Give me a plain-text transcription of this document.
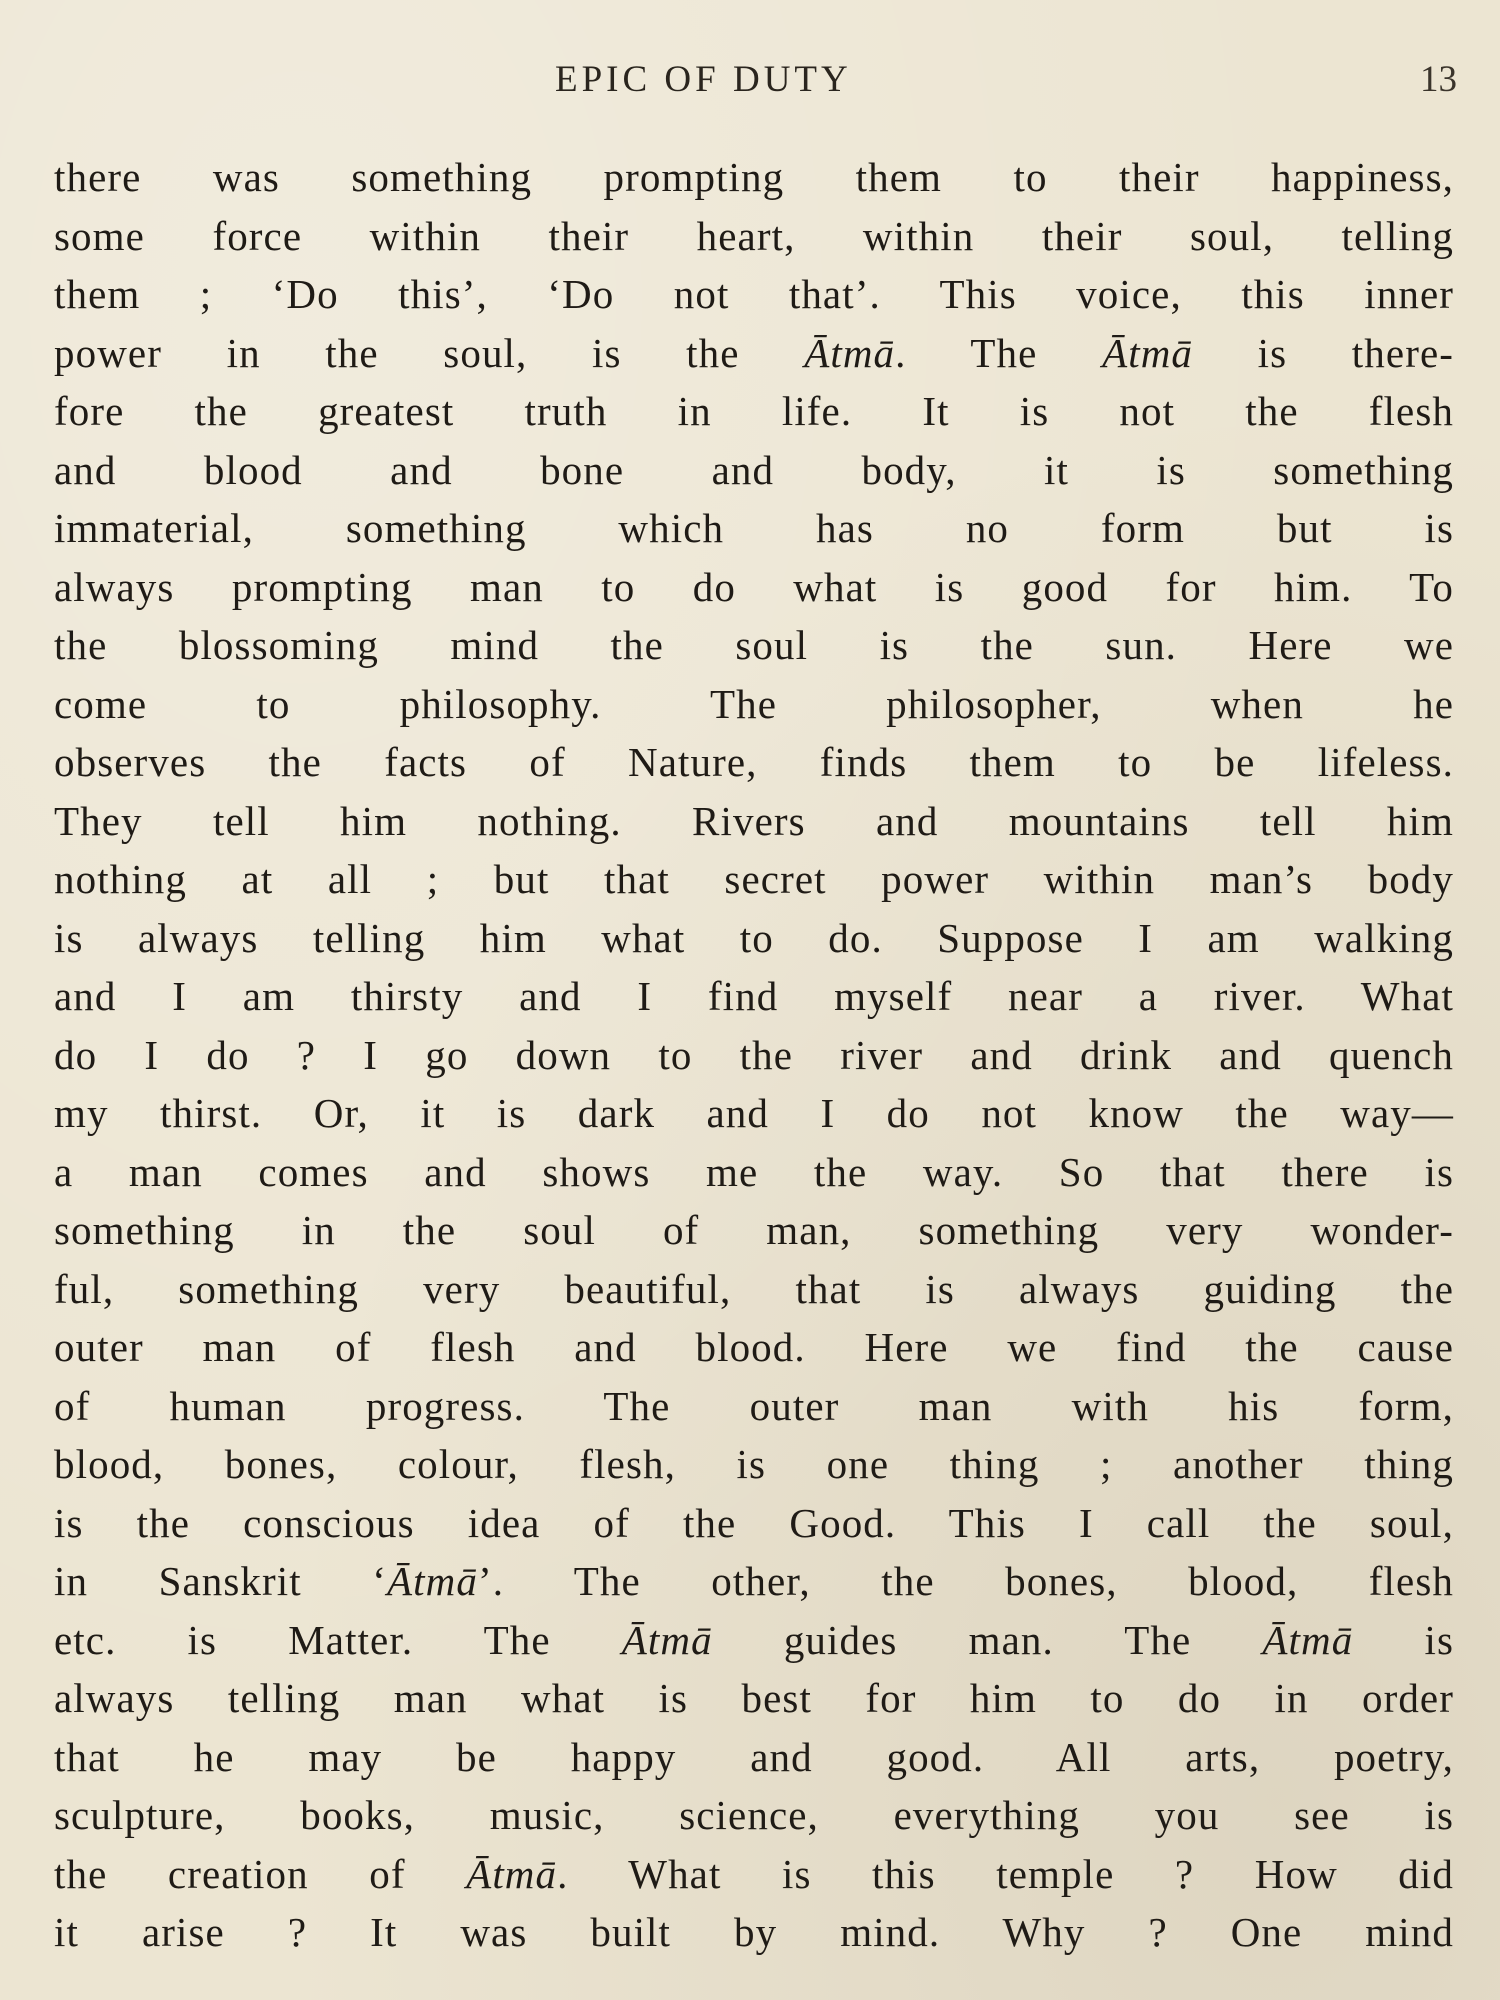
EPIC OF DUTY	13
there was something prompting them to their happiness,
some force within their heart, within their soul, telling
them ; ‘Do this’, ‘Do not that’. This voice, this inner
power in the soul, is the Ātmā. The Ātmā is there-
fore the greatest truth in life. It is not the flesh
and blood and bone and body, it is something
immaterial, something which has no form but is
always prompting man to do what is good for him. To
the blossoming mind the soul is the sun. Here we
come to philosophy. The philosopher, when he
observes the facts of Nature, finds them to be lifeless.
They tell him nothing. Rivers and mountains tell him
nothing at all ; but that secret power within man’s body
is always telling him what to do. Suppose I am walking
and I am thirsty and I find myself near a river. What
do I do ? I go down to the river and drink and quench
my thirst. Or, it is dark and I do not know the way—
a man comes and shows me the way. So that there is
something in the soul of man, something very wonder-
ful, something very beautiful, that is always guiding the
outer man of flesh and blood. Here we find the cause
of human progress. The outer man with his form,
blood, bones, colour, flesh, is one thing ; another thing
is the conscious idea of the Good. This I call the soul,
in Sanskrit ‘Ātmā’. The other, the bones, blood, flesh
etc. is Matter. The Ātmā guides man. The Ātmā is
always telling man what is best for him to do in order
that he may be happy and good. All arts, poetry,
sculpture, books, music, science, everything you see is
the creation of Ātmā. What is this temple ? How did
it arise ? It was built by mind. Why ? One mind
